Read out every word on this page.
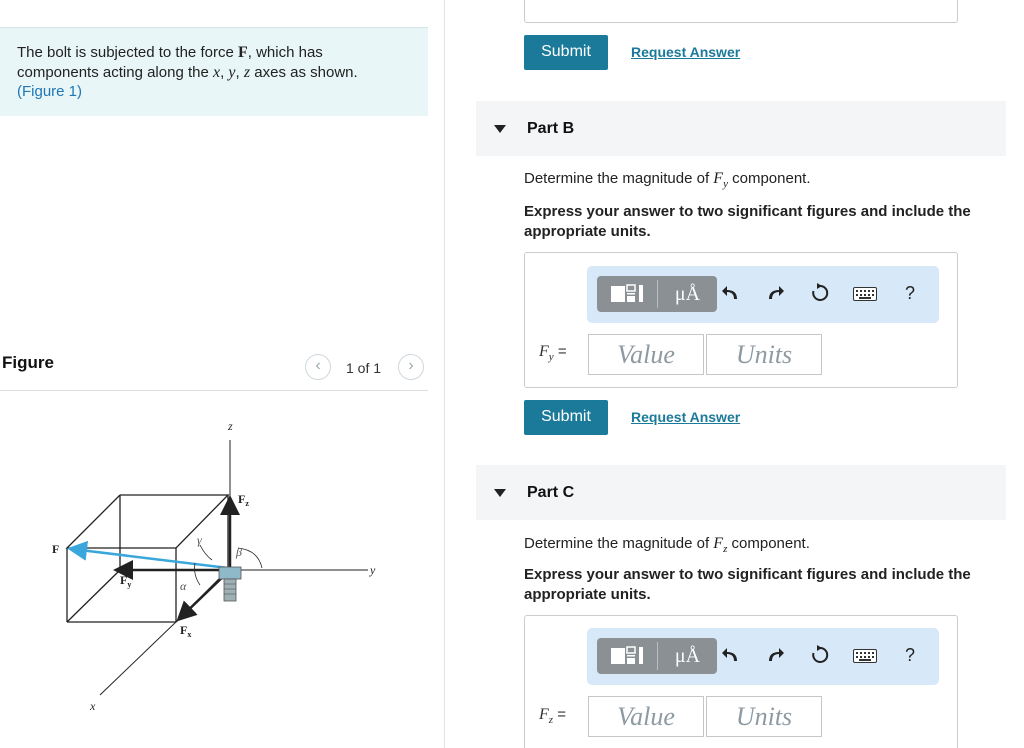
The bolt is subjected to the force F, which has components acting along the x, y, z axes as shown.
(Figure 1)
Figure	‹	1 of 1	›
z
y
x
F
$F_z$
$F_y$
$F_x$
α
β
γ
Submit	Request Answer
Part B
Determine the magnitude of $F_y$ component.
Express your answer to two significant figures and include the appropriate units.
μÅ	?
$F_y$ =	Value	Units
Submit	Request Answer
Part C
Determine the magnitude of $F_z$ component.
Express your answer to two significant figures and include the appropriate units.
μÅ	?
$F_z$ =	Value	Units
